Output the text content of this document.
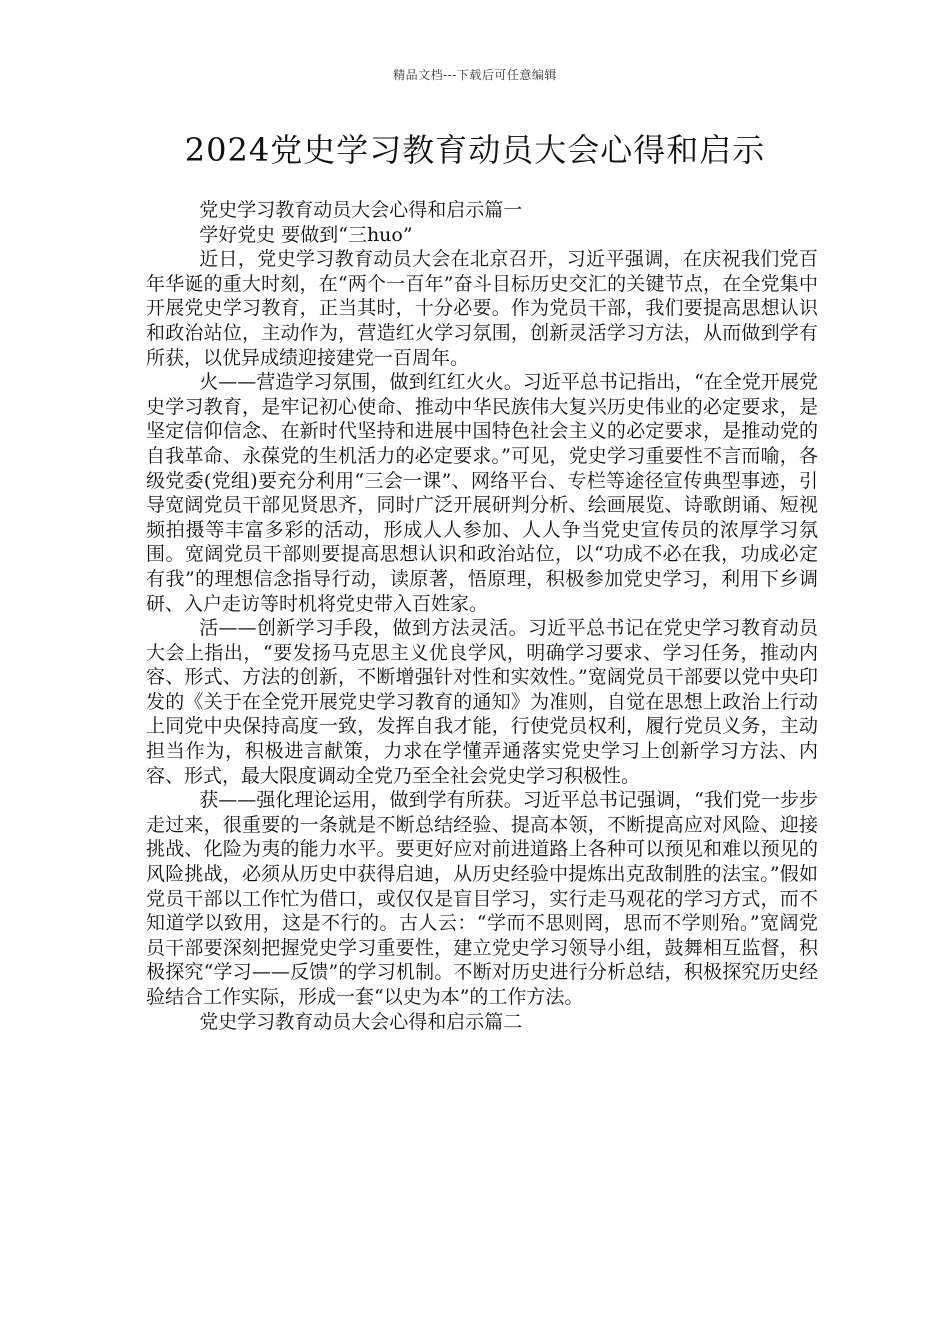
精品文档---下载后可任意编辑
2024党史学习教育动员大会心得和启示

党史学习教育动员大会心得和启示篇一

学好党史 要做到“三huo”

近日，党史学习教育动员大会在北京召开，习近平强调，在庆祝我们党百年华诞的重大时刻，在“两个一百年”奋斗目标历史交汇的关键节点，在全党集中开展党史学习教育，正当其时，十分必要。作为党员干部，我们要提高思想认识和政治站位，主动作为，营造红火学习氛围，创新灵活学习方法，从而做到学有所获，以优异成绩迎接建党一百周年。

火——营造学习氛围，做到红红火火。习近平总书记指出，“在全党开展党史学习教育，是牢记初心使命、推动中华民族伟大复兴历史伟业的必定要求，是坚定信仰信念、在新时代坚持和进展中国特色社会主义的必定要求，是推动党的自我革命、永葆党的生机活力的必定要求。”可见，党史学习重要性不言而喻，各级党委(党组)要充分利用“三会一课”、网络平台、专栏等途径宣传典型事迹，引导宽阔党员干部见贤思齐，同时广泛开展研判分析、绘画展览、诗歌朗诵、短视频拍摄等丰富多彩的活动，形成人人参加、人人争当党史宣传员的浓厚学习氛围。宽阔党员干部则要提高思想认识和政治站位，以“功成不必在我，功成必定有我”的理想信念指导行动，读原著，悟原理，积极参加党史学习，利用下乡调研、入户走访等时机将党史带入百姓家。

活——创新学习手段，做到方法灵活。习近平总书记在党史学习教育动员大会上指出，“要发扬马克思主义优良学风，明确学习要求、学习任务，推动内容、形式、方法的创新，不断增强针对性和实效性。”宽阔党员干部要以党中央印发的《关于在全党开展党史学习教育的通知》为准则，自觉在思想上政治上行动上同党中央保持高度一致，发挥自我才能，行使党员权利，履行党员义务，主动担当作为，积极进言献策，力求在学懂弄通落实党史学习上创新学习方法、内容、形式，最大限度调动全党乃至全社会党史学习积极性。

获——强化理论运用，做到学有所获。习近平总书记强调，“我们党一步步走过来，很重要的一条就是不断总结经验、提高本领，不断提高应对风险、迎接挑战、化险为夷的能力水平。要更好应对前进道路上各种可以预见和难以预见的风险挑战，必须从历史中获得启迪，从历史经验中提炼出克敌制胜的法宝。”假如党员干部以工作忙为借口，或仅仅是盲目学习，实行走马观花的学习方式，而不知道学以致用，这是不行的。古人云：“学而不思则罔，思而不学则殆。”宽阔党员干部要深刻把握党史学习重要性，建立党史学习领导小组，鼓舞相互监督，积极探究“学习——反馈”的学习机制。不断对历史进行分析总结，积极探究历史经验结合工作实际，形成一套“以史为本”的工作方法。

党史学习教育动员大会心得和启示篇二
